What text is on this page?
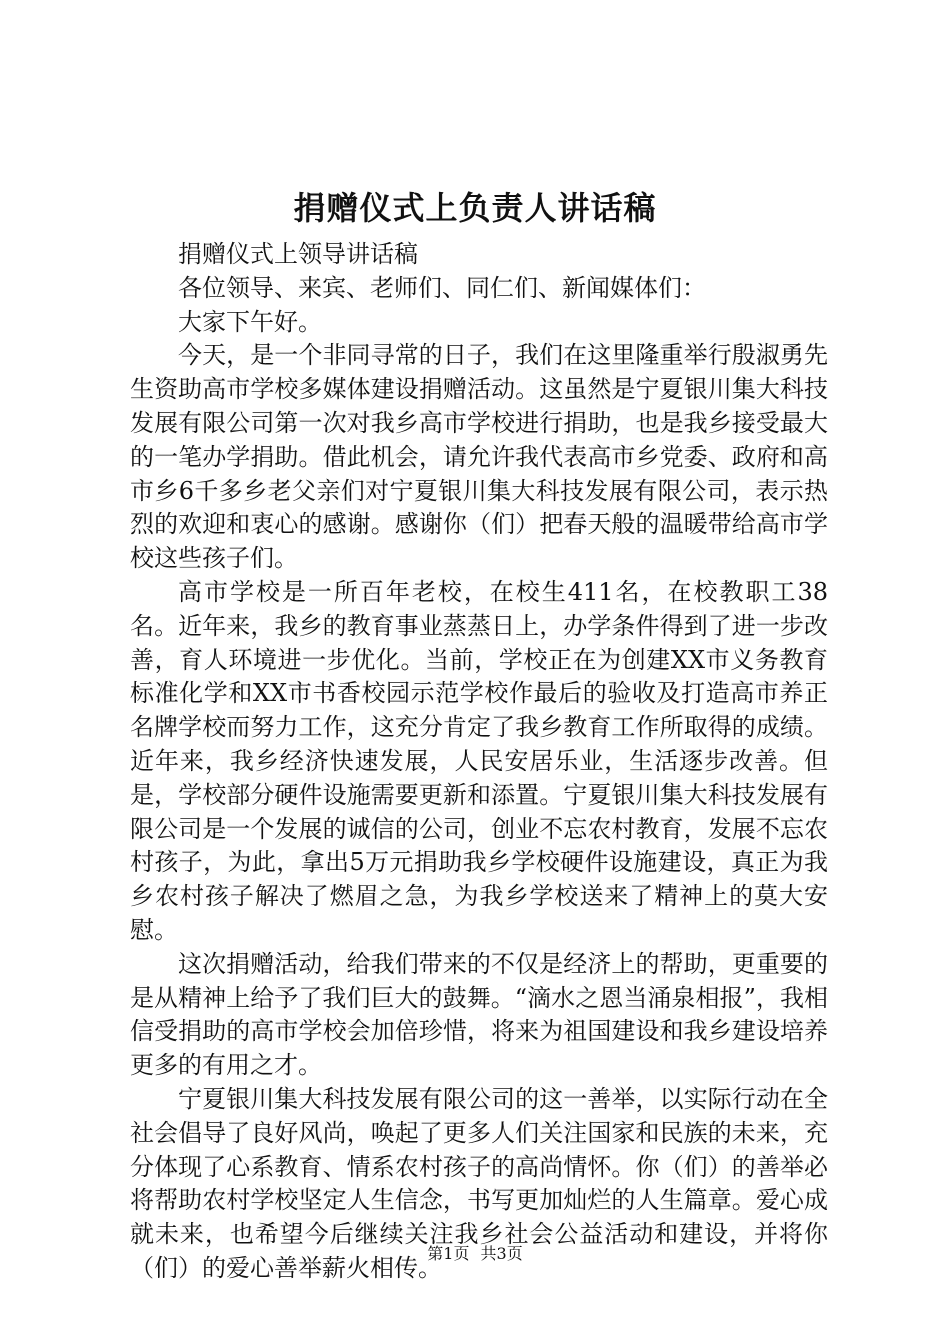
捐赠仪式上负责人讲话稿

捐赠仪式上领导讲话稿

各位领导、来宾、老师们、同仁们、新闻媒体们：

大家下午好。

今天，是一个非同寻常的日子，我们在这里隆重举行殷淑勇先生资助高市学校多媒体建设捐赠活动。这虽然是宁夏银川集大科技发展有限公司第一次对我乡高市学校进行捐助，也是我乡接受最大的一笔办学捐助。借此机会，请允许我代表高市乡党委、政府和高市乡6千多乡老父亲们对宁夏银川集大科技发展有限公司，表示热烈的欢迎和衷心的感谢。感谢你（们）把春天般的温暖带给高市学校这些孩子们。

高市学校是一所百年老校，在校生411名，在校教职工38名。近年来，我乡的教育事业蒸蒸日上，办学条件得到了进一步改善，育人环境进一步优化。当前，学校正在为创建XX市义务教育标准化学和XX市书香校园示范学校作最后的验收及打造高市养正名牌学校而努力工作，这充分肯定了我乡教育工作所取得的成绩。近年来，我乡经济快速发展，人民安居乐业，生活逐步改善。但是，学校部分硬件设施需要更新和添置。宁夏银川集大科技发展有限公司是一个发展的诚信的公司，创业不忘农村教育，发展不忘农村孩子，为此，拿出5万元捐助我乡学校硬件设施建设，真正为我乡农村孩子解决了燃眉之急，为我乡学校送来了精神上的莫大安慰。

这次捐赠活动，给我们带来的不仅是经济上的帮助，更重要的是从精神上给予了我们巨大的鼓舞。“滴水之恩当涌泉相报”，我相信受捐助的高市学校会加倍珍惜，将来为祖国建设和我乡建设培养更多的有用之才。

宁夏银川集大科技发展有限公司的这一善举，以实际行动在全社会倡导了良好风尚，唤起了更多人们关注国家和民族的未来，充分体现了心系教育、情系农村孩子的高尚情怀。你（们）的善举必将帮助农村学校坚定人生信念，书写更加灿烂的人生篇章。爱心成就未来，也希望今后继续关注我乡社会公益活动和建设，并将你（们）的爱心善举薪火相传。

第1页 共3页
